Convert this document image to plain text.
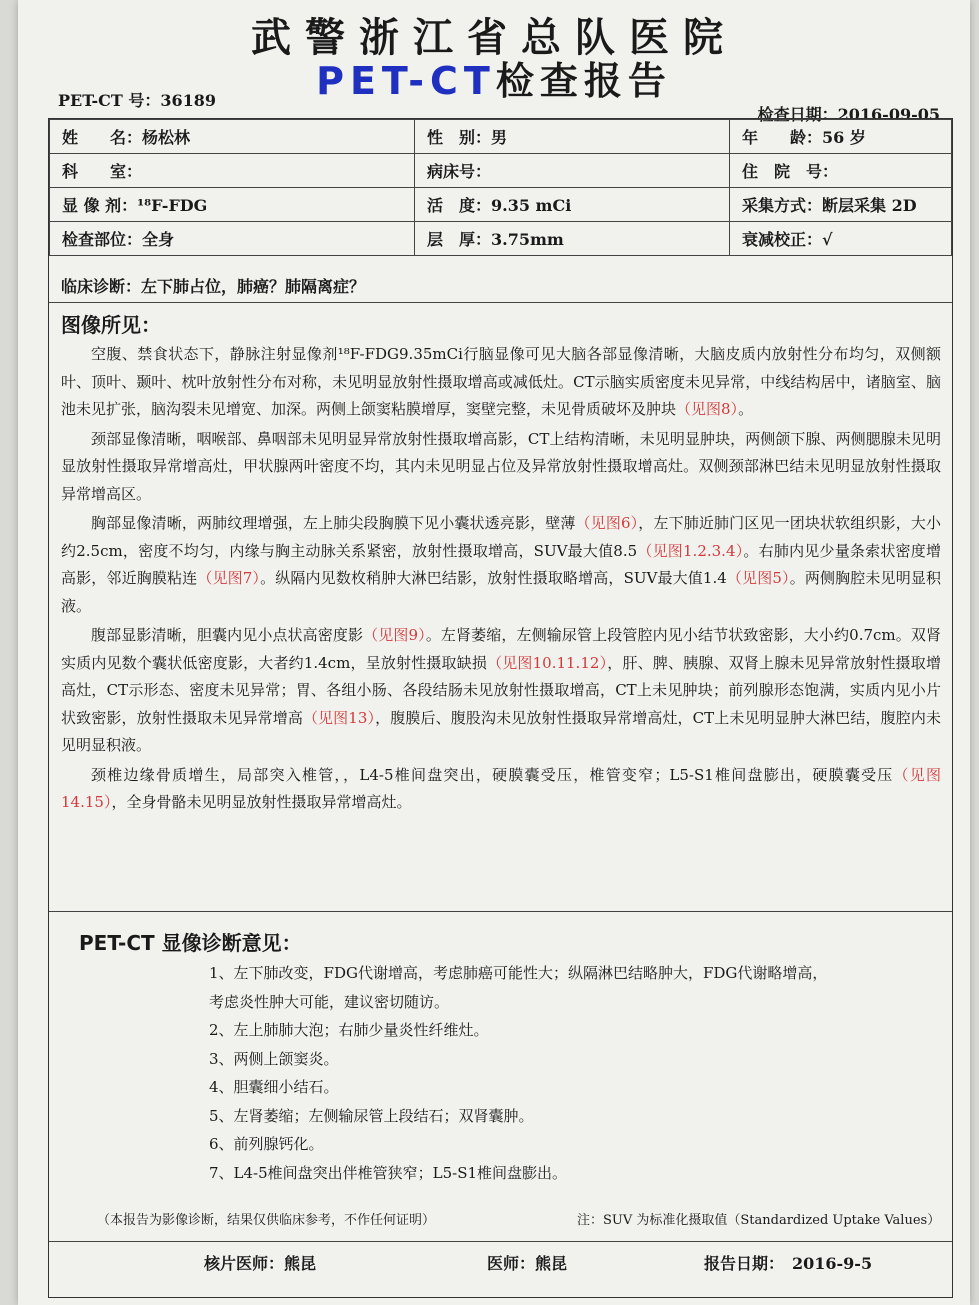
武警浙江省总队医院
PET-CT检查报告
PET-CT 号：36189
检查日期：2016-09-05
姓　　名：杨松林	性　别：男	年　　龄：56 岁
科　　室：	病床号：	住　院　号：
显 像 剂：¹⁸F-FDG	活　度：9.35 mCi	采集方式：断层采集 2D
检查部位：全身	层　厚：3.75mm	衰减校正：√
临床诊断：左下肺占位，肺癌？肺隔离症？
图像所见：

空腹、禁食状态下，静脉注射显像剂¹⁸F-FDG9.35mCi行脑显像可见大脑各部显像清晰，大脑皮质内放射性分布均匀，双侧额叶、顶叶、颞叶、枕叶放射性分布对称，未见明显放射性摄取增高或减低灶。CT示脑实质密度未见异常，中线结构居中，诸脑室、脑池未见扩张，脑沟裂未见增宽、加深。两侧上颌窦粘膜增厚，窦壁完整，未见骨质破坏及肿块（见图8）。

颈部显像清晰，咽喉部、鼻咽部未见明显异常放射性摄取增高影，CT上结构清晰，未见明显肿块，两侧颌下腺、两侧腮腺未见明显放射性摄取异常增高灶，甲状腺两叶密度不均，其内未见明显占位及异常放射性摄取增高灶。双侧颈部淋巴结未见明显放射性摄取异常增高区。

胸部显像清晰，两肺纹理增强，左上肺尖段胸膜下见小囊状透亮影，壁薄（见图6），左下肺近肺门区见一团块状软组织影，大小约2.5cm，密度不均匀，内缘与胸主动脉关系紧密，放射性摄取增高，SUV最大值8.5（见图1.2.3.4）。右肺内见少量条索状密度增高影，邻近胸膜粘连（见图7）。纵隔内见数枚稍肿大淋巴结影，放射性摄取略增高，SUV最大值1.4（见图5）。两侧胸腔未见明显积液。

腹部显影清晰，胆囊内见小点状高密度影（见图9）。左肾萎缩，左侧输尿管上段管腔内见小结节状致密影，大小约0.7cm。双肾实质内见数个囊状低密度影，大者约1.4cm，呈放射性摄取缺损（见图10.11.12），肝、脾、胰腺、双肾上腺未见异常放射性摄取增高灶，CT示形态、密度未见异常；胃、各组小肠、各段结肠未见放射性摄取增高，CT上未见肿块；前列腺形态饱满，实质内见小片状致密影，放射性摄取未见异常增高（见图13），腹膜后、腹股沟未见放射性摄取异常增高灶，CT上未见明显肿大淋巴结，腹腔内未见明显积液。

颈椎边缘骨质增生，局部突入椎管，，L4-5椎间盘突出，硬膜囊受压，椎管变窄；L5-S1椎间盘膨出，硬膜囊受压（见图14.15），全身骨骼未见明显放射性摄取异常增高灶。

PET-CT 显像诊断意见：
1、左下肺改变，FDG代谢增高，考虑肺癌可能性大；纵隔淋巴结略肿大，FDG代谢略增高，
考虑炎性肿大可能，建议密切随访。
2、左上肺肺大泡；右肺少量炎性纤维灶。
3、两侧上颌窦炎。
4、胆囊细小结石。
5、左肾萎缩；左侧输尿管上段结石；双肾囊肿。
6、前列腺钙化。
7、L4-5椎间盘突出伴椎管狭窄；L5-S1椎间盘膨出。
（本报告为影像诊断，结果仅供临床参考，不作任何证明）	注：SUV 为标准化摄取值（Standardized Uptake Values）
核片医师：熊昆	医师：熊昆	报告日期：　2016-9-5
